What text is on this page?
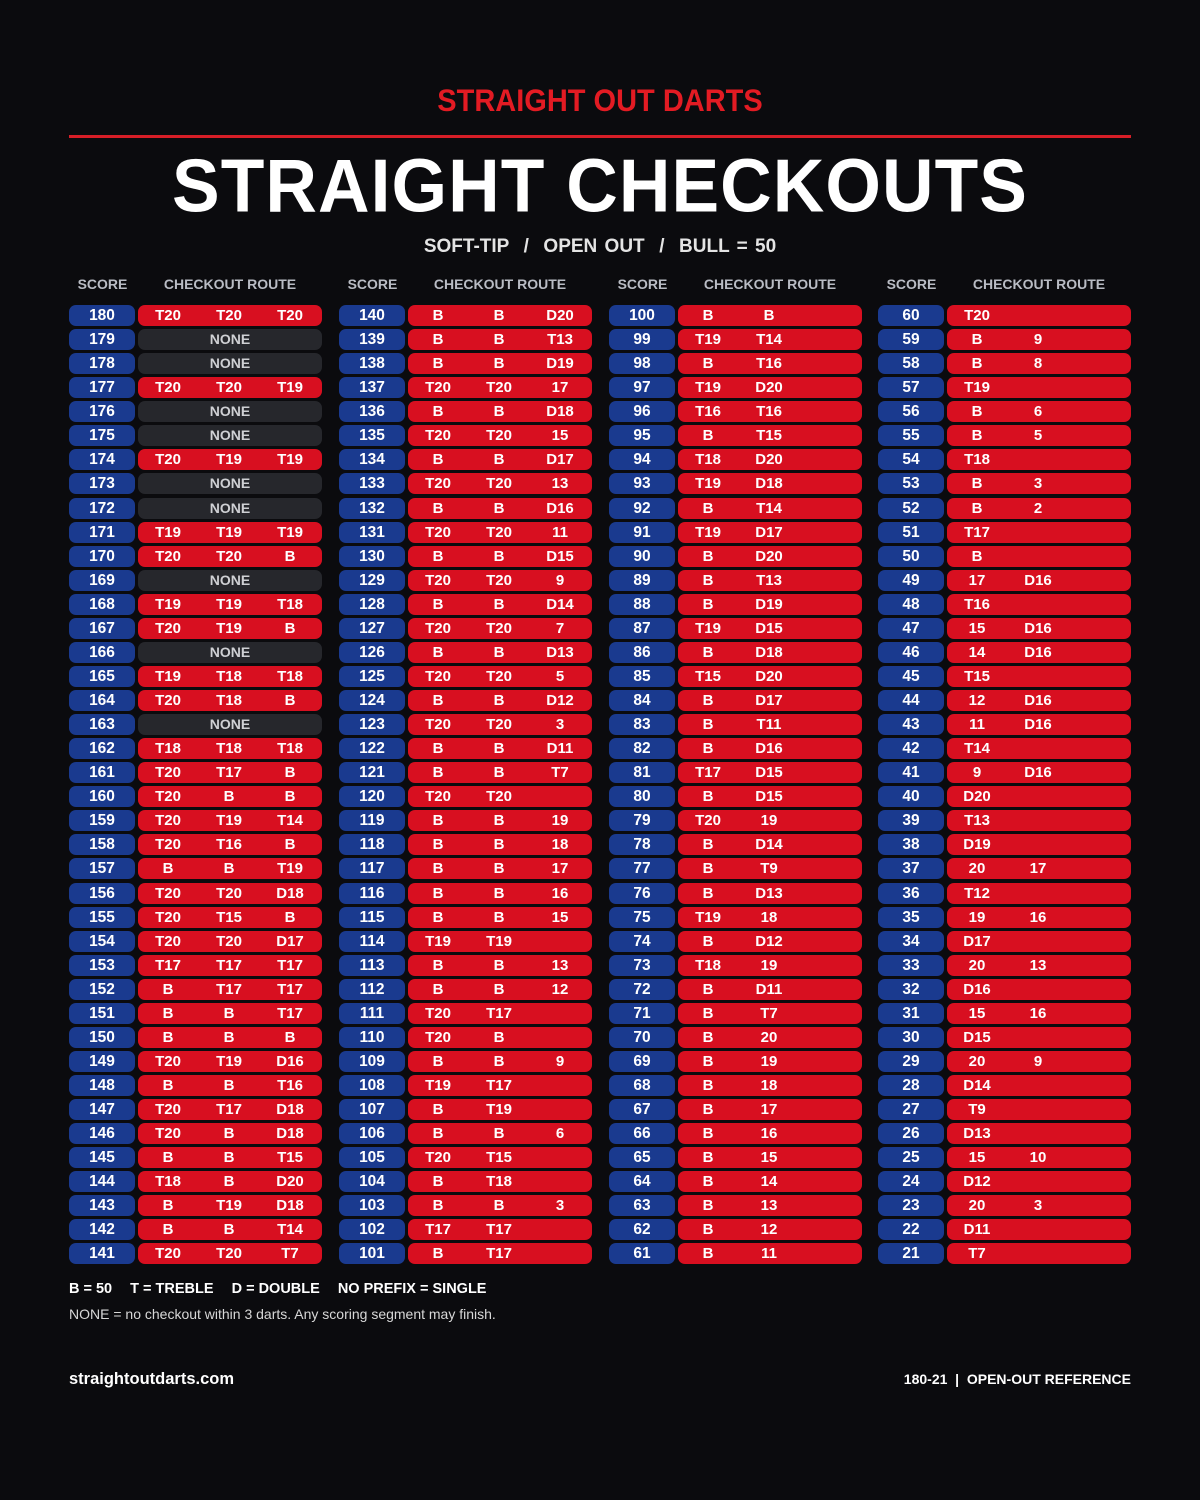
STRAIGHT OUT DARTS
STRAIGHT CHECKOUTS
SOFT-TIP  /  OPEN OUT  /  BULL = 50
SCORE	CHECKOUT ROUTE
180	T20	T20	T20
179	NONE
178	NONE
177	T20	T20	T19
176	NONE
175	NONE
174	T20	T19	T19
173	NONE
172	NONE
171	T19	T19	T19
170	T20	T20	B
169	NONE
168	T19	T19	T18
167	T20	T19	B
166	NONE
165	T19	T18	T18
164	T20	T18	B
163	NONE
162	T18	T18	T18
161	T20	T17	B
160	T20	B	B
159	T20	T19	T14
158	T20	T16	B
157	B	B	T19
156	T20	T20	D18
155	T20	T15	B
154	T20	T20	D17
153	T17	T17	T17
152	B	T17	T17
151	B	B	T17
150	B	B	B
149	T20	T19	D16
148	B	B	T16
147	T20	T17	D18
146	T20	B	D18
145	B	B	T15
144	T18	B	D20
143	B	T19	D18
142	B	B	T14
141	T20	T20	T7
SCORE	CHECKOUT ROUTE
140	B	B	D20
139	B	B	T13
138	B	B	D19
137	T20	T20	17
136	B	B	D18
135	T20	T20	15
134	B	B	D17
133	T20	T20	13
132	B	B	D16
131	T20	T20	11
130	B	B	D15
129	T20	T20	9
128	B	B	D14
127	T20	T20	7
126	B	B	D13
125	T20	T20	5
124	B	B	D12
123	T20	T20	3
122	B	B	D11
121	B	B	T7
120	T20	T20
119	B	B	19
118	B	B	18
117	B	B	17
116	B	B	16
115	B	B	15
114	T19	T19
113	B	B	13
112	B	B	12
111	T20	T17
110	T20	B
109	B	B	9
108	T19	T17
107	B	T19
106	B	B	6
105	T20	T15
104	B	T18
103	B	B	3
102	T17	T17
101	B	T17
SCORE	CHECKOUT ROUTE
100	B	B
99	T19	T14
98	B	T16
97	T19	D20
96	T16	T16
95	B	T15
94	T18	D20
93	T19	D18
92	B	T14
91	T19	D17
90	B	D20
89	B	T13
88	B	D19
87	T19	D15
86	B	D18
85	T15	D20
84	B	D17
83	B	T11
82	B	D16
81	T17	D15
80	B	D15
79	T20	19
78	B	D14
77	B	T9
76	B	D13
75	T19	18
74	B	D12
73	T18	19
72	B	D11
71	B	T7
70	B	20
69	B	19
68	B	18
67	B	17
66	B	16
65	B	15
64	B	14
63	B	13
62	B	12
61	B	11
SCORE	CHECKOUT ROUTE
60	T20
59	B	9
58	B	8
57	T19
56	B	6
55	B	5
54	T18
53	B	3
52	B	2
51	T17
50	B
49	17	D16
48	T16
47	15	D16
46	14	D16
45	T15
44	12	D16
43	11	D16
42	T14
41	9	D16
40	D20
39	T13
38	D19
37	20	17
36	T12
35	19	16
34	D17
33	20	13
32	D16
31	15	16
30	D15
29	20	9
28	D14
27	T9
26	D13
25	15	10
24	D12
23	20	3
22	D11
21	T7
B = 50 T = TREBLE D = DOUBLE NO PREFIX = SINGLE
NONE = no checkout within 3 darts. Any scoring segment may finish.
straightoutdarts.com	180-21  |  OPEN-OUT REFERENCE
